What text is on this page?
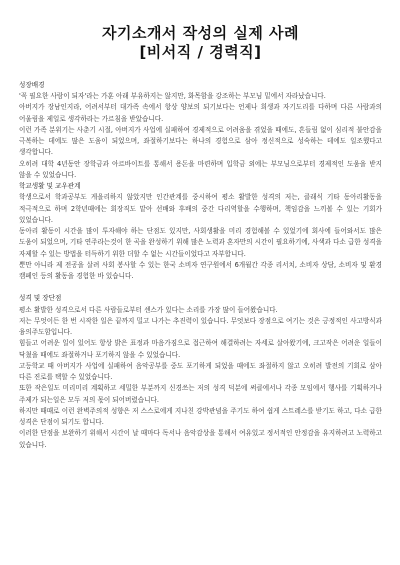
자기소개서 작성의 실제 사례
[비서직 / 경력직]

성장배경

'꼭 필요한 사람이 되자'라는 가훈 아래 부유하지는 않지만, 화목함을 강조하는 부모님 밑에서 자라났습니다.

아버지가 장남인지라, 어려서부터 대가족 속에서 항상 양보의 되기보다는 언제나 희생과 자기도리를 다하며 다른 사람과의 어울림을 제일로 생각하라는 가르침을 받았습니다.

이런 가족 분위기는 사춘기 시절, 아버지가 사업에 실패하여 경제적으로 어려움을 겪었을 때에도, 흔들림 없이 심리적 불안감을 극복하는 데에도 많은 도움이 되었으며, 좌절하기보다는 하나의 경험으로 삼아 정신적으로 성숙하는 데에도 일조했다고 생각합니다.

오히려 대학 4년동안 장학금과 아르바이트를 통해서 용돈을 마련하며 입학금 외에는 부모님으로부터 경제적인 도움을 받지 않을 수 있었습니다.

학교생활 및 교우관계

학생으로서 학과공부도 게을리하지 않았지만 인간관계를 중시하여 평소 활발한 성격의 저는, 클래식 기타 동아리활동을 적극적으로 하며 2학년때에는 회장직도 맡아 선배와 후배의 중간 다리역할을 수행하며, 책임감을 느끼볼 수 있는 기회가 있었습니다.

동아리 활동이 시간을 많이 투자해야 하는 단점도 있지만, 사회생활을 미리 경험해볼 수 있었기에 회사에 들어와서도 많은 도움이 되었으며, 기타 연주라는것이 한 곡을 완성하기 위해 많은 노력과 혼자만의 시간이 필요하기에, 사색과 다소 급한 성격을 자제할 수 있는 방법을 터득하기 위한 더할 수 없는 시간들이었다고 자부합니다.

뿐만 아니라 제 전공을 살려 사회 봉사할 수 있는 한국 소비자 연구원에서 6개월간 각종 리서치, 소비자 상담, 소비자 및 환경 캠페인 등의 활동을 경험한 바 있습니다.

성격 및 장단점

평소 활발한 성격으로서 다른 사람들로부터 센스가 있다는 소리를 가장 많이 들어왔습니다.

저는 무엇이든 한 번 시작한 일은 끝까지 밀고 나가는 추진력이 있습니다. 무엇보다 장점으로 여기는 것은 긍정적인 사고방식과 융의주도함입니다.

힘들고 어려운 일이 있어도 항상 밝은 표정과 마음가짐으로 접근하여 해결하려는 자세로 살아왔기에, 크고작은 어려운 일들이 닥쳤을 때에도 좌절하거나 포기하지 않을 수 있었습니다.

고등학교 때 아버지가 사업에 실패하여 음악공부를 중도 포기하게 되었을 때에도 좌절하지 않고 오히려 발전의 기회로 삼아 다른 진로를 택할 수 있었습니다.

또한 작은일도 미리미리 계획하고 세밀한 부분까지 신경쓰는 저의 성격 덕분에 써클에서나 각종 모임에서 행사를 기획하거나 주제가 되는일은 모두 저의 몫이 되어버렸습니다.

하지만 때때로 이런 완벽주의적 성향은 저 스스로에게 지나친 강박관념을 주기도 하여 쉽게 스트레스를 받기도 하고, 다소 급한 성격은 단점이 되기도 합니다.

이러한 단점을 보완하기 위해서 시간이 날 때마다 독서나 음악감상을 통해서 여유있고 정서적인 안정감을 유지하려고 노력하고 있습니다.
